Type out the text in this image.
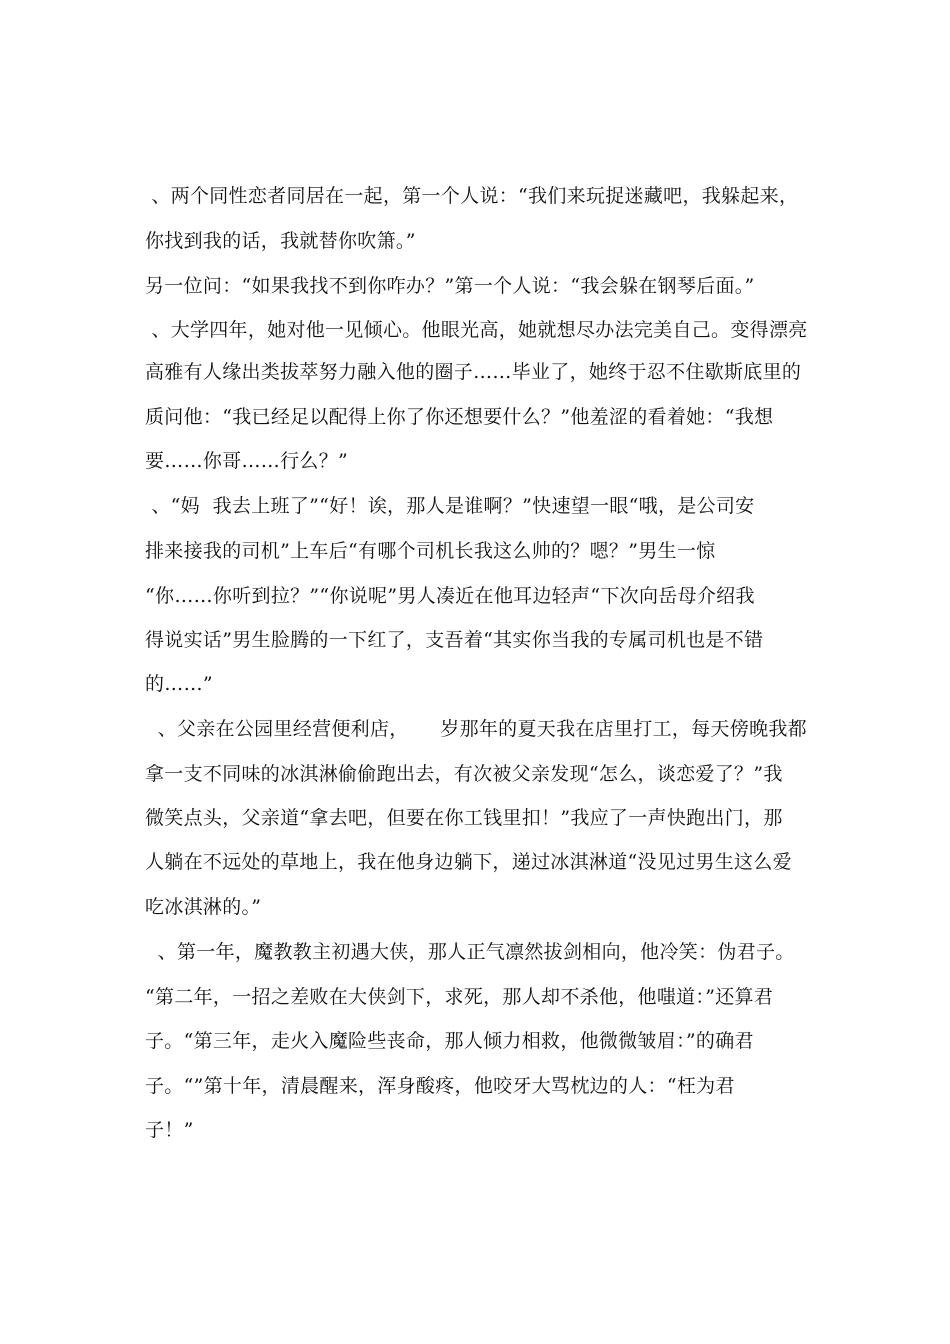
、两个同性恋者同居在一起，第一个人说：“我们来玩捉迷藏吧，我躲起来，
你找到我的话，我就替你吹箫。”
另一位问：“如果我找不到你咋办？”第一个人说：“我会躲在钢琴后面。”
、大学四年，她对他一见倾心。他眼光高，她就想尽办法完美自己。变得漂亮
高雅有人缘出类拔萃努力融入他的圈子……毕业了，她终于忍不住歇斯底里的
质问他：“我已经足以配得上你了你还想要什么？”他羞涩的看着她：“我想
要……你哥……行么？”
、“妈  我去上班了”“好！诶，那人是谁啊？”快速望一眼“哦，是公司安
排来接我的司机”上车后“有哪个司机长我这么帅的？嗯？”男生一惊
“你……你听到拉？”“你说呢”男人凑近在他耳边轻声“下次向岳母介绍我
得说实话”男生脸腾的一下红了，支吾着“其实你当我的专属司机也是不错
的……”
、父亲在公园里经营便利店，     岁那年的夏天我在店里打工，每天傍晚我都
拿一支不同味的冰淇淋偷偷跑出去，有次被父亲发现“怎么，谈恋爱了？”我
微笑点头，父亲道“拿去吧，但要在你工钱里扣！”我应了一声快跑出门，那
人躺在不远处的草地上，我在他身边躺下，递过冰淇淋道“没见过男生这么爱
吃冰淇淋的。”
、第一年，魔教教主初遇大侠，那人正气凛然拔剑相向，他冷笑：伪君子。
“第二年，一招之差败在大侠剑下，求死，那人却不杀他，他嗤道：”还算君
子。“第三年，走火入魔险些丧命，那人倾力相救，他微微皱眉：”的确君
子。“”第十年，清晨醒来，浑身酸疼，他咬牙大骂枕边的人：“枉为君
子！”
